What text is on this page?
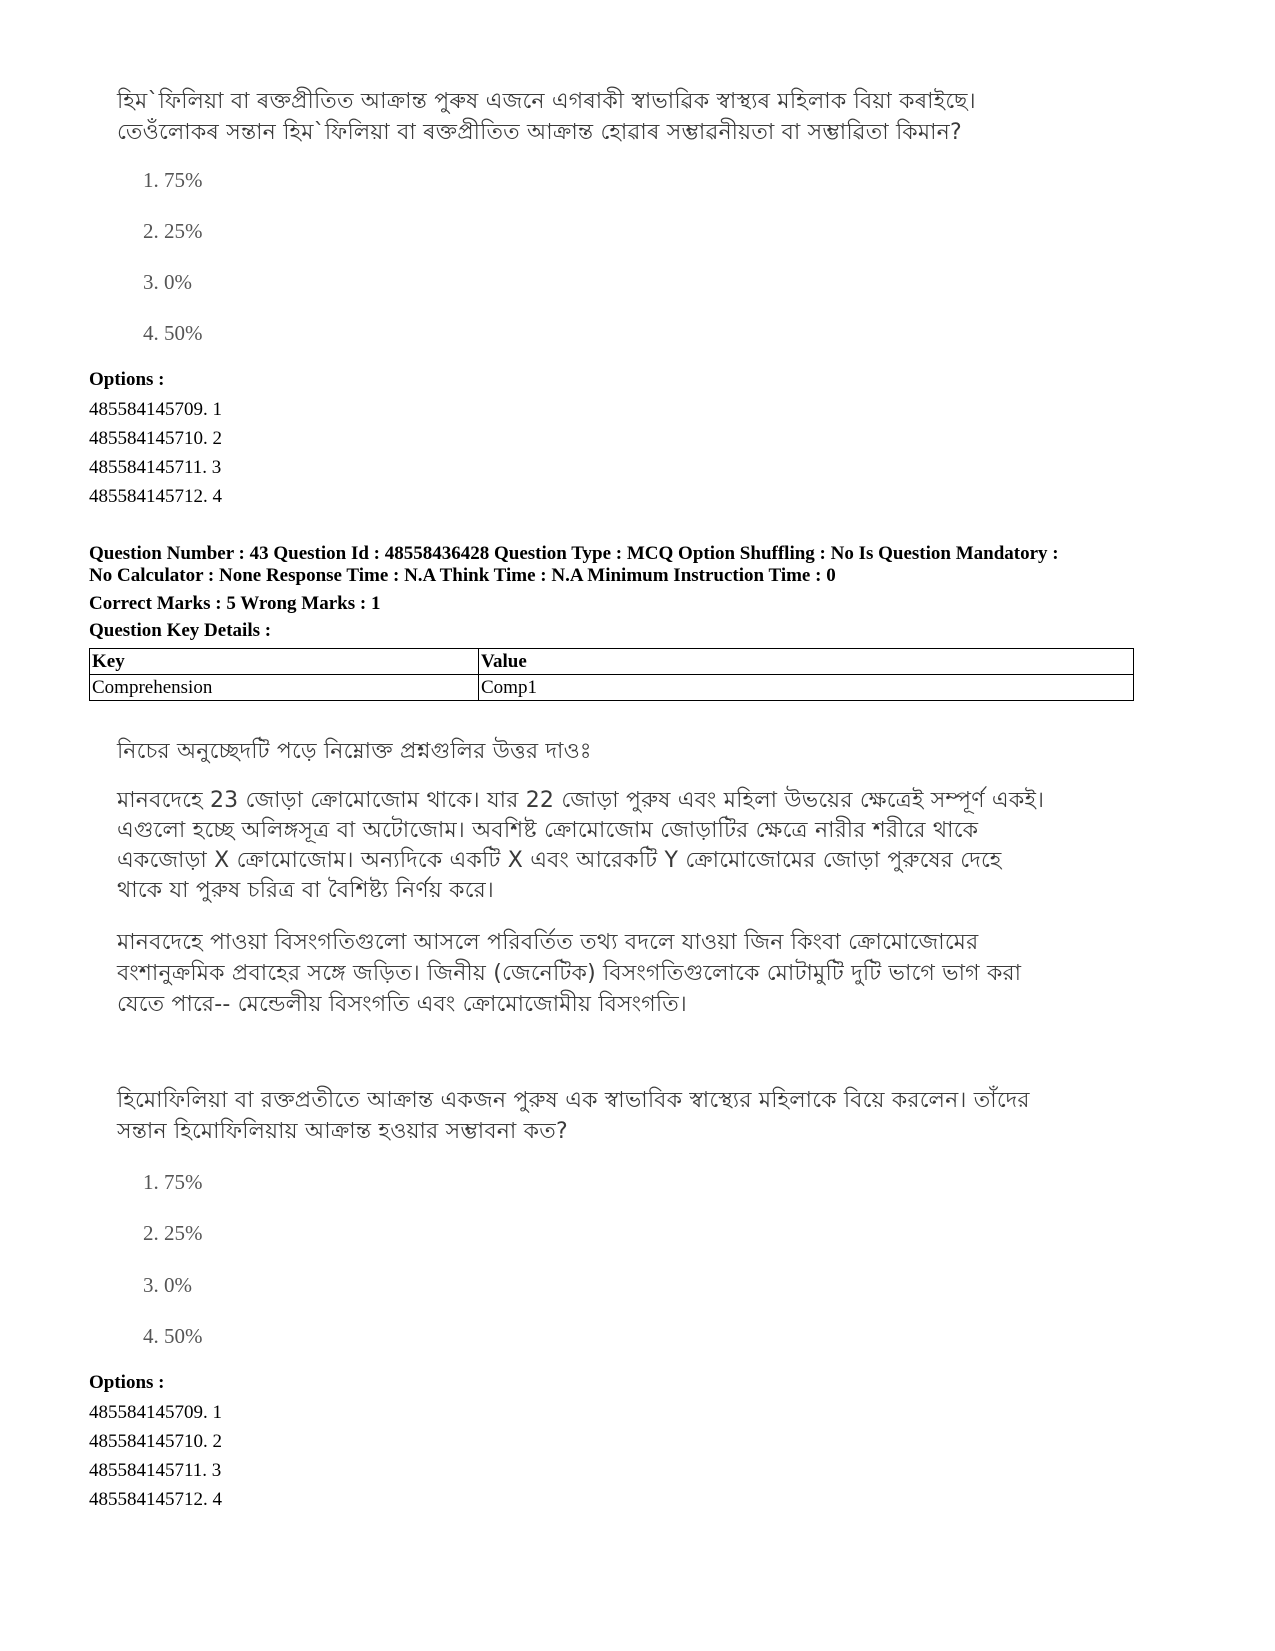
হিম`ফিলিয়া বা ৰক্তপ্ৰীতিত আক্ৰান্ত পুৰুষ এজনে এগৰাকী স্বাভাৱিক স্বাস্থ্যৰ মহিলাক বিয়া কৰাইছে।
তেওঁলোকৰ সন্তান হিম`ফিলিয়া বা ৰক্তপ্ৰীতিত আক্ৰান্ত হোৱাৰ সম্ভাৱনীয়তা বা সম্ভাৱিতা কিমান?
1. 75%
2. 25%
3. 0%
4. 50%
Options :
485584145709. 1
485584145710. 2
485584145711. 3
485584145712. 4
Question Number : 43 Question Id : 48558436428 Question Type : MCQ Option Shuffling : No Is Question Mandatory :
No Calculator : None Response Time : N.A Think Time : N.A Minimum Instruction Time : 0
Correct Marks : 5 Wrong Marks : 1
Question Key Details :
Key	Value
Comprehension	Comp1
নিচের অনুচ্ছেদটি পড়ে নিম্নোক্ত প্রশ্নগুলির উত্তর দাওঃ
মানবদেহে 23 জোড়া ক্রোমোজোম থাকে। যার 22 জোড়া পুরুষ এবং মহিলা উভয়ের ক্ষেত্রেই সম্পূর্ণ একই।
এগুলো হচ্ছে অলিঙ্গসূত্র বা অটোজোম। অবশিষ্ট ক্রোমোজোম জোড়াটির ক্ষেত্রে নারীর শরীরে থাকে
একজোড়া X ক্রোমোজোম। অন্যদিকে একটি X এবং আরেকটি Y ক্রোমোজোমের জোড়া পুরুষের দেহে
থাকে যা পুরুষ চরিত্র বা বৈশিষ্ট্য নির্ণয় করে।
মানবদেহে পাওয়া বিসংগতিগুলো আসলে পরিবর্তিত তথ্য বদলে যাওয়া জিন কিংবা ক্রোমোজোমের
বংশানুক্রমিক প্রবাহের সঙ্গে জড়িত। জিনীয় (জেনেটিক) বিসংগতিগুলোকে মোটামুটি দুটি ভাগে ভাগ করা
যেতে পারে-- মেন্ডেলীয় বিসংগতি এবং ক্রোমোজোমীয় বিসংগতি।
হিমোফিলিয়া বা রক্তপ্রতীতে আক্রান্ত একজন পুরুষ এক স্বাভাবিক স্বাস্থ্যের মহিলাকে বিয়ে করলেন। তাঁদের
সন্তান হিমোফিলিয়ায় আক্রান্ত হওয়ার সম্ভাবনা কত?
1. 75%
2. 25%
3. 0%
4. 50%
Options :
485584145709. 1
485584145710. 2
485584145711. 3
485584145712. 4
